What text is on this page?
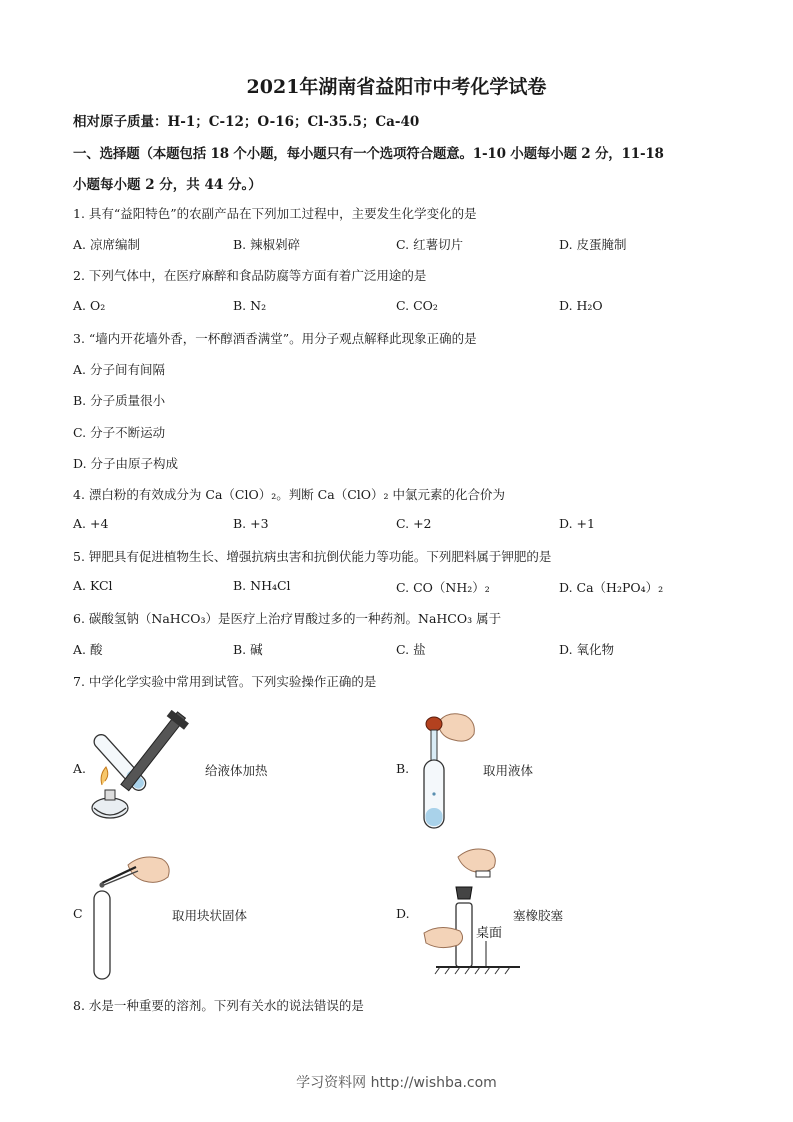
2021年湖南省益阳市中考化学试卷
相对原子质量：H-1；C-12；O-16；Cl-35.5；Ca-40
一、选择题（本题包括 18 个小题，每小题只有一个选项符合题意。1-10 小题每小题 2 分，11-18
小题每小题 2 分，共 44 分。）
1. 具有“益阳特色”的农副产品在下列加工过程中，主要发生化学变化的是
A. 凉席编制	B. 辣椒剁碎	C. 红薯切片	D. 皮蛋腌制
2. 下列气体中，在医疗麻醉和食品防腐等方面有着广泛用途的是
A. O₂	B. N₂	C. CO₂	D. H₂O
3. “墙内开花墙外香，一杯醇酒香满堂”。用分子观点解释此现象正确的是
A. 分子间有间隔
B. 分子质量很小
C. 分子不断运动
D. 分子由原子构成
4. 漂白粉的有效成分为 Ca（ClO）₂。判断 Ca（ClO）₂ 中氯元素的化合价为
A. +4	B. +3	C. +2	D. +1
5. 钾肥具有促进植物生长、增强抗病虫害和抗倒伏能力等功能。下列肥料属于钾肥的是
A. KCl	B. NH₄Cl	C. CO（NH₂）₂	D. Ca（H₂PO₄）₂
6. 碳酸氢钠（NaHCO₃）是医疗上治疗胃酸过多的一种药剂。NaHCO₃ 属于
A. 酸	B. 碱	C. 盐	D. 氧化物
7. 中学化学实验中常用到试管。下列实验操作正确的是
A.	给液体加热	B.	取用液体
C	取用块状固体	D.
桌面
塞橡胶塞
8. 水是一种重要的溶剂。下列有关水的说法错误的是
学习资料网 http://wishba.com
